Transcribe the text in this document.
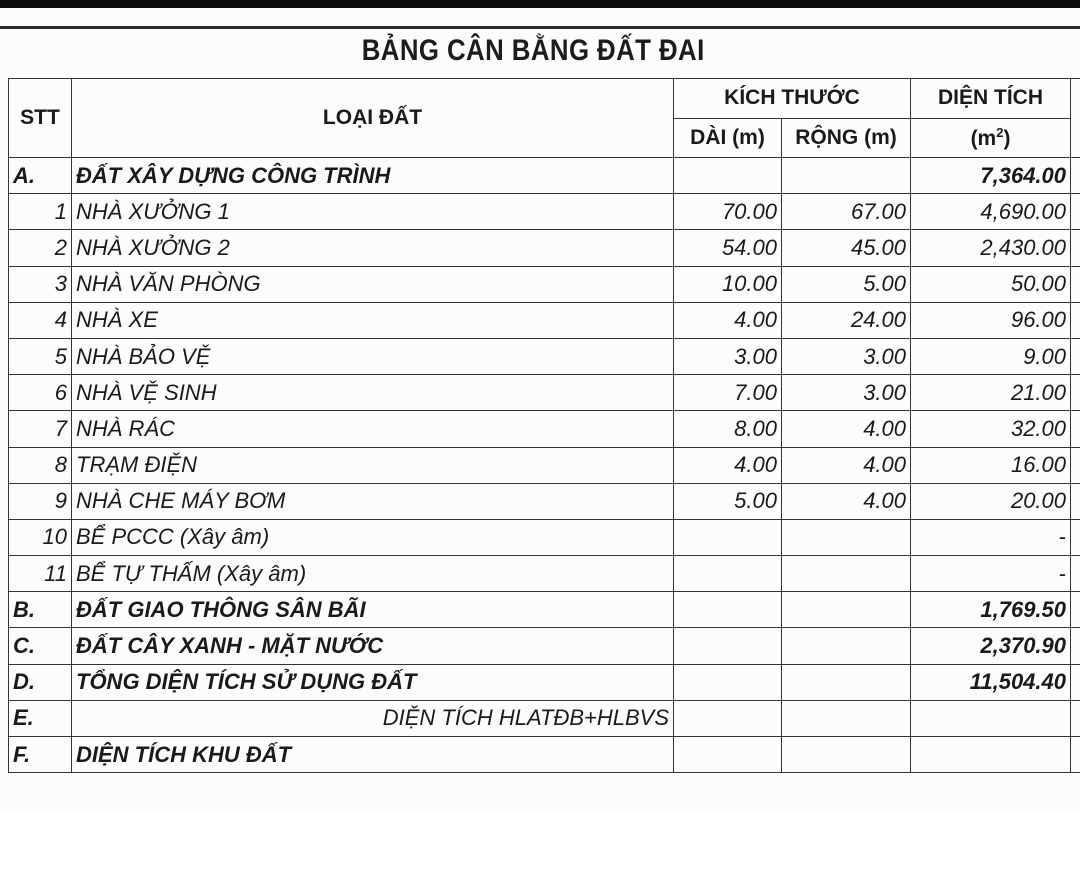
BẢNG CÂN BẰNG ĐẤT ĐAI
STT	LOẠI ĐẤT	KÍCH THƯỚC		DIỆN TÍCH	
		DÀI (m)	RỘNG (m)	$(m^2)$	
A.	ĐẤT XÂY DỰNG CÔNG TRÌNH			7,364.00	
1	NHÀ XƯỞNG 1	70.00	67.00	4,690.00	
2	NHÀ XƯỞNG 2	54.00	45.00	2,430.00	
3	NHÀ VĂN PHÒNG	10.00	5.00	50.00	
4	NHÀ XE	4.00	24.00	96.00	
5	NHÀ BẢO VỆ	3.00	3.00	9.00	
6	NHÀ VỆ SINH	7.00	3.00	21.00	
7	NHÀ RÁC	8.00	4.00	32.00	
8	TRẠM ĐIỆN	4.00	4.00	16.00	
9	NHÀ CHE MÁY BƠM	5.00	4.00	20.00	
10	BỂ PCCC (Xây âm)			-	
11	BỂ TỰ THẤM (Xây âm)			-	
B.	ĐẤT GIAO THÔNG SÂN BÃI			1,769.50	
C.	ĐẤT CÂY XANH - MẶT NƯỚC			2,370.90	
D.	TỔNG DIỆN TÍCH SỬ DỤNG ĐẤT			11,504.40	
E.	DIỆN TÍCH HLATĐB+HLBVS				
F.	DIỆN TÍCH KHU ĐẤT				
